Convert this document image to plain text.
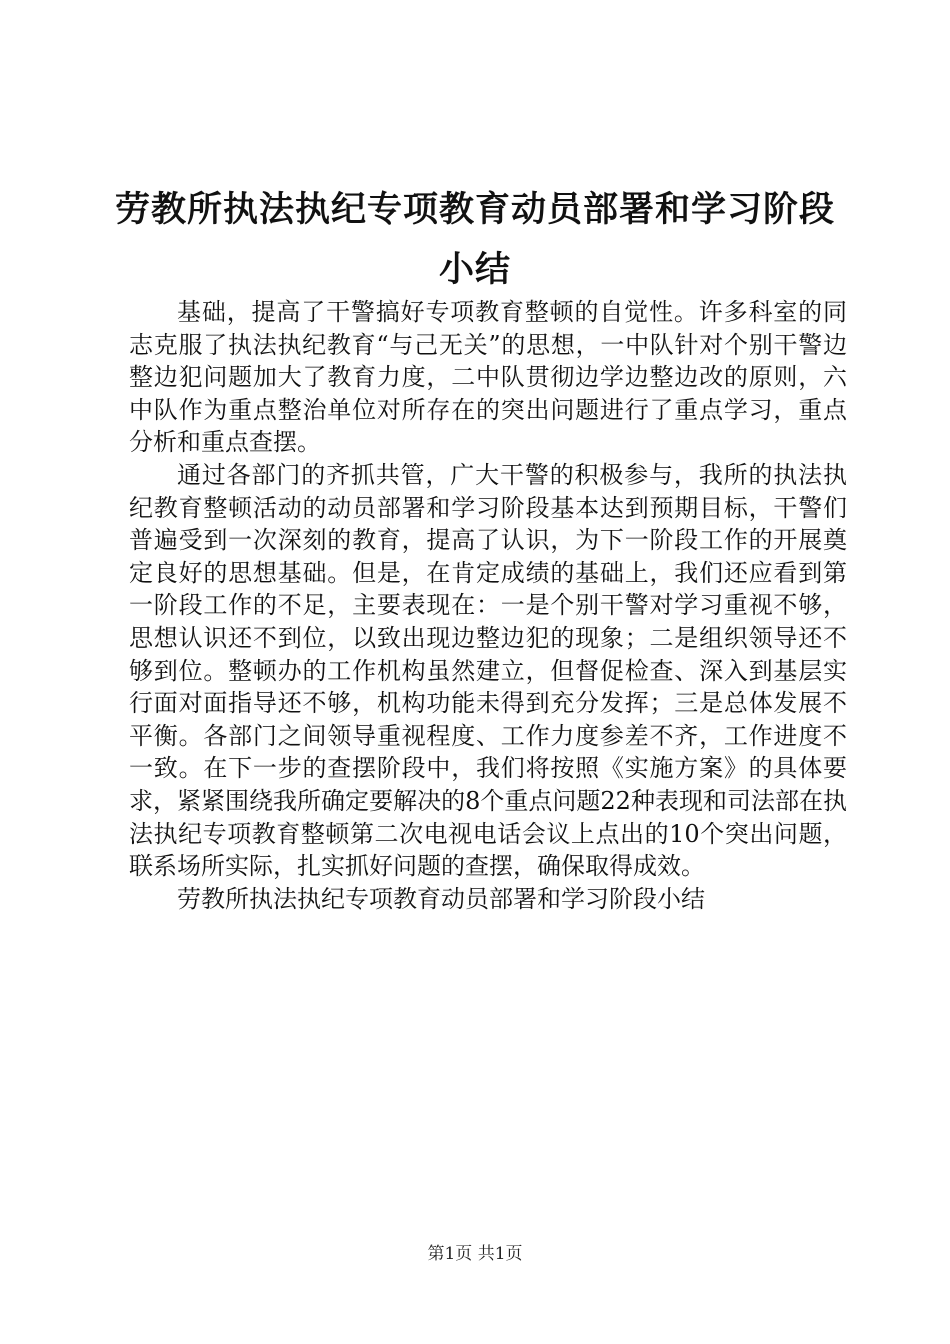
劳教所执法执纪专项教育动员部署和学习阶段
小结

基础，提高了干警搞好专项教育整顿的自觉性。许多科室的同志克服了执法执纪教育“与己无关”的思想，一中队针对个别干警边整边犯问题加大了教育力度，二中队贯彻边学边整边改的原则，六中队作为重点整治单位对所存在的突出问题进行了重点学习，重点分析和重点查摆。

通过各部门的齐抓共管，广大干警的积极参与，我所的执法执纪教育整顿活动的动员部署和学习阶段基本达到预期目标，干警们普遍受到一次深刻的教育，提高了认识，为下一阶段工作的开展奠定良好的思想基础。但是，在肯定成绩的基础上，我们还应看到第一阶段工作的不足，主要表现在：一是个别干警对学习重视不够，思想认识还不到位，以致出现边整边犯的现象；二是组织领导还不够到位。整顿办的工作机构虽然建立，但督促检查、深入到基层实行面对面指导还不够，机构功能未得到充分发挥；三是总体发展不平衡。各部门之间领导重视程度、工作力度参差不齐，工作进度不一致。在下一步的查摆阶段中，我们将按照《实施方案》的具体要求，紧紧围绕我所确定要解决的8个重点问题22种表现和司法部在执法执纪专项教育整顿第二次电视电话会议上点出的10个突出问题，联系场所实际，扎实抓好问题的查摆，确保取得成效。

劳教所执法执纪专项教育动员部署和学习阶段小结

第1页 共1页
